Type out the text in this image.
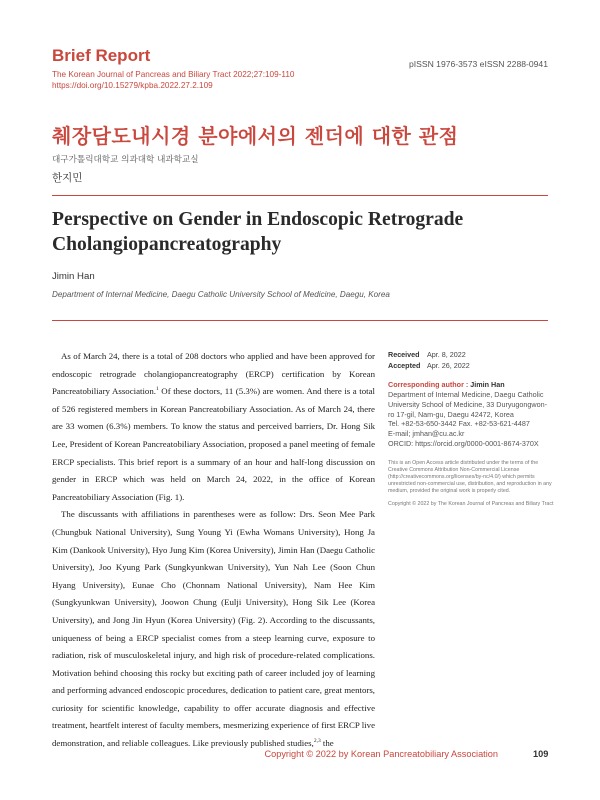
Brief Report
The Korean Journal of Pancreas and Biliary Tract 2022;27:109-110
https://doi.org/10.15279/kpba.2022.27.2.109
pISSN 1976-3573 eISSN 2288-0941
췌장담도내시경 분야에서의 젠더에 대한 관점
대구가톨릭대학교 의과대학 내과학교실
한지민
Perspective on Gender in Endoscopic Retrograde Cholangiopancreatography
Jimin Han
Department of Internal Medicine, Daegu Catholic University School of Medicine, Daegu, Korea

As of March 24, there is a total of 208 doctors who applied and have been approved for endoscopic retrograde cholangiopancreatography (ERCP) certification by Korean Pancreatobiliary Association.$^1$ Of these doctors, 11 (5.3%) are women. And there is a total of 526 registered members in Korean Pancreatobiliary Association. As of March 24, there are 33 women (6.3%) members. To know the status and perceived barriers, Dr. Hong Sik Lee, President of Korean Pancreatobiliary Association, proposed a panel meeting of female ERCP specialists. This brief report is a summary of an hour and half-long discussion on gender in ERCP which was held on March 24, 2022, in the office of Korean Pancreatobiliary Association (Fig. 1).

The discussants with affiliations in parentheses were as follow: Drs. Seon Mee Park (Chungbuk National University), Sung Young Yi (Ewha Womans University), Hong Ja Kim (Dankook University), Hyo Jung Kim (Korea University), Jimin Han (Daegu Catholic University), Joo Kyung Park (Sungkyunkwan University), Yun Nah Lee (Soon Chun Hyang University), Eunae Cho (Chonnam National University), Nam Hee Kim (Sungkyunkwan University), Joowon Chung (Eulji University), Hong Sik Lee (Korea University), and Jong Jin Hyun (Korea University) (Fig. 2). According to the discussants, uniqueness of being a ERCP specialist comes from a steep learning curve, exposure to radiation, risk of musculoskeletal injury, and high risk of procedure-related complications. Motivation behind choosing this rocky but exciting path of career included joy of learning and performing advanced endoscopic procedures, dedication to patient care, great mentors, curiosity for scientific knowledge, capability to offer accurate diagnosis and effective treatment, heartfelt interest of faculty members, mesmerizing experience of first ERCP live demonstration, and reliable colleagues. Like previously published studies,$^{2,3}$ the

Received Apr. 8, 2022
Accepted Apr. 26, 2022
Corresponding author : Jimin Han
Department of Internal Medicine, Daegu Catholic
University School of Medicine, 33 Duryugongwon-
ro 17-gil, Nam-gu, Daegu 42472, Korea
Tel. +82-53-650-3442 Fax. +82-53-621-4487
E-mail; jmhan@cu.ac.kr
ORCID: https://orcid.org/0000-0001-8674-370X
This is an Open Access article distributed under the terms of the Creative Commons Attribution Non-Commercial License (http://creativecommons.org/licenses/by-nc/4.0/) which permits unrestricted non-commercial use, distribution, and reproduction in any medium, provided the original work is properly cited.
Copyright © 2022 by The Korean Journal of Pancreas and Biliary Tract
Copyright © 2022 by Korean Pancreatobiliary Association	109
